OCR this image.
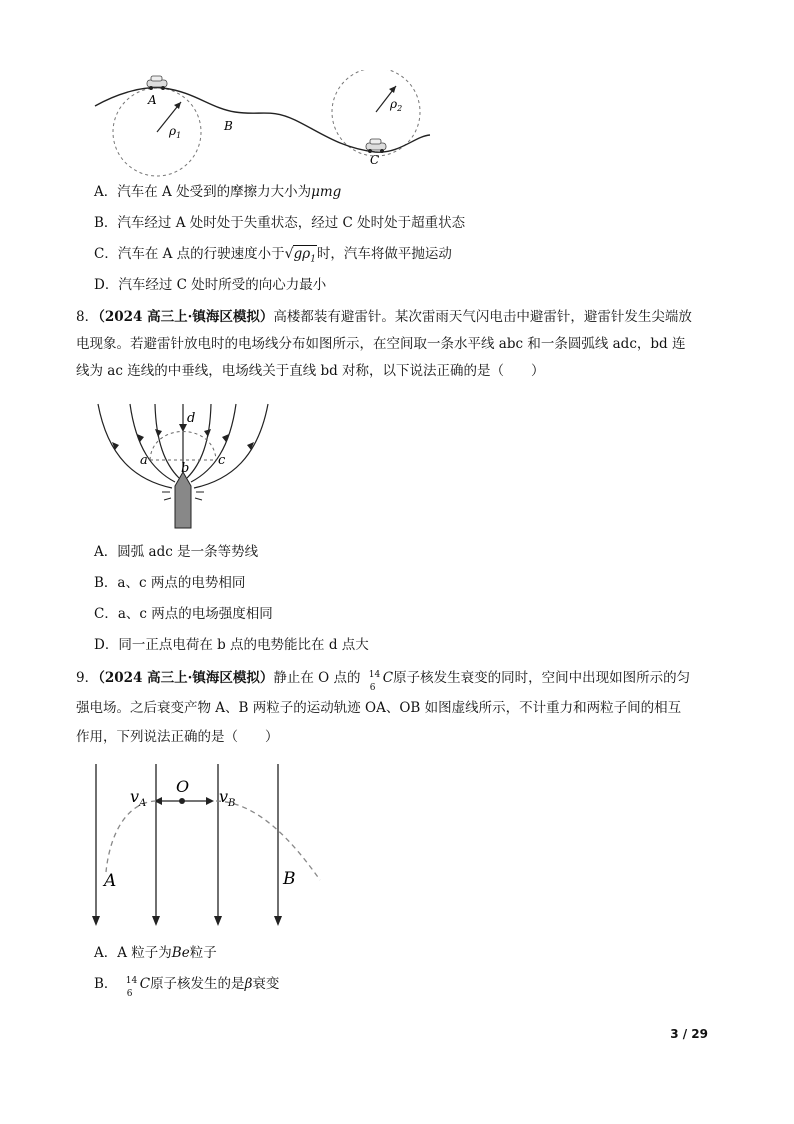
A
B
C
$\rho_1$
$\rho_2$
A．汽车在 A 处受到的摩擦力大小为μmg
B．汽车经过 A 处时处于失重状态，经过 C 处时处于超重状态
C．汽车在 A 点的行驶速度小于$√g\rho_1$时，汽车将做平抛运动
D．汽车经过 C 处时所受的向心力最小
8．（2024 高三上·镇海区模拟）高楼都装有避雷针。某次雷雨天气闪电击中避雷针，避雷针发生尖端放
电现象。若避雷针放电时的电场线分布如图所示，在空间取一条水平线 abc 和一条圆弧线 adc，bd 连
线为 ac 连线的中垂线，电场线关于直线 bd 对称，以下说法正确的是（　　）
a
b
c
d
A．圆弧 adc 是一条等势线
B．a、c 两点的电势相同
C．a、c 两点的电场强度相同
D．同一正点电荷在 b 点的电势能比在 d 点大
9．（2024 高三上·镇海区模拟）静止在 O 点的 14
6
C原子核发生衰变的同时，空间中出现如图所示的匀
强电场。之后衰变产物 A、B 两粒子的运动轨迹 OA、OB 如图虚线所示，不计重力和两粒子间的相互
作用，下列说法正确的是（　　）
O
$v_A$	$v_B$
A	B
A．A 粒子为Be粒子
B． 14
6
C原子核发生的是β衰变
3 / 29
